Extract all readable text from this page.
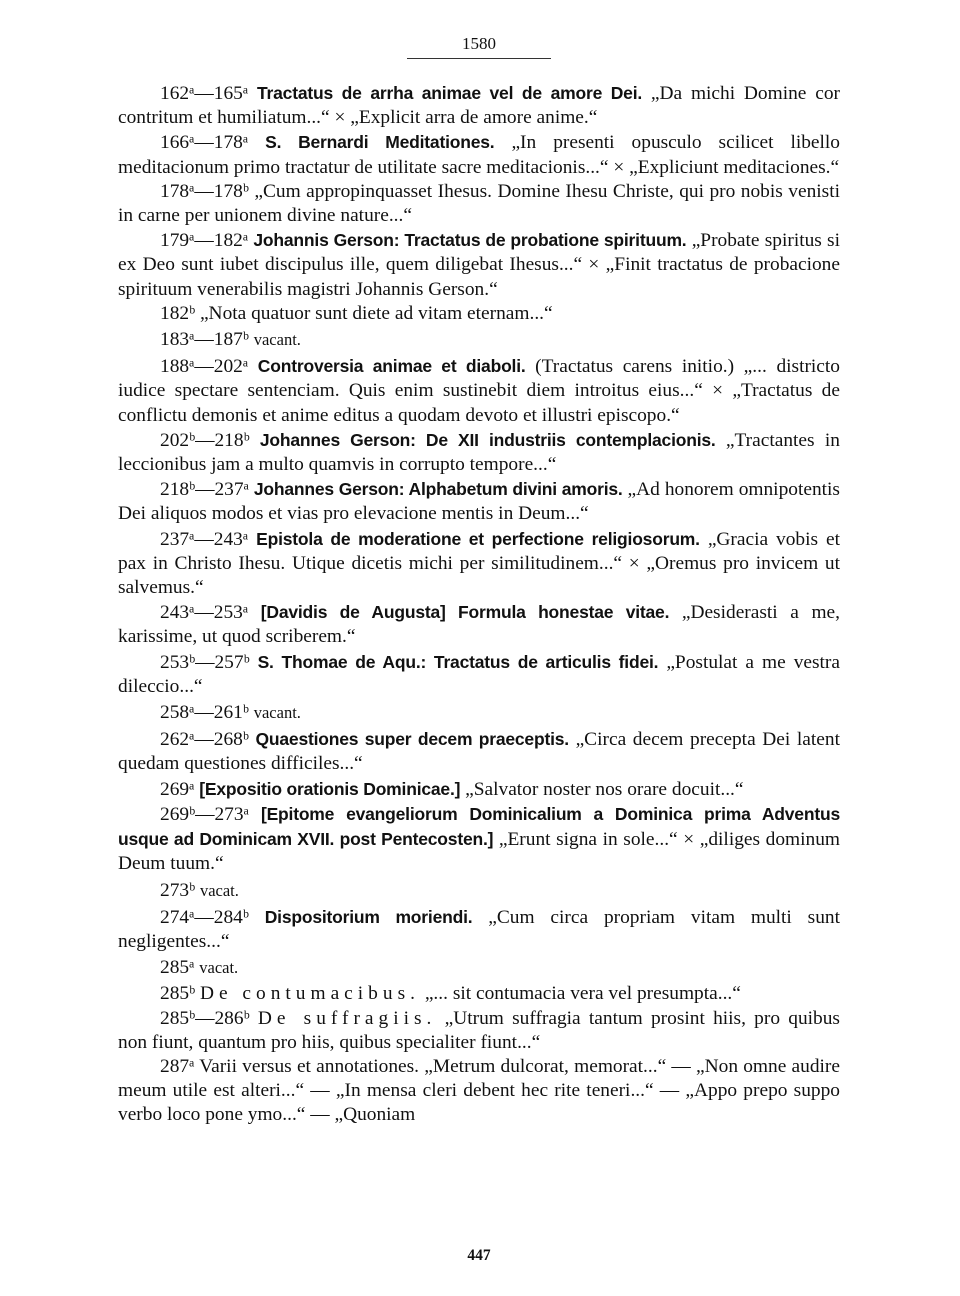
1580

162ᵃ—165ᵃ Tractatus de arrha animae vel de amore Dei. „Da michi Domine cor contritum et humiliatum...“ × „Explicit arra de amore anime.“

166ᵃ—178ᵃ S. Bernardi Meditationes. „In presenti opusculo scilicet libello meditacionum primo tractatur de utilitate sacre meditacionis...“ × „Expliciunt meditaciones.“

178ᵃ—178ᵇ „Cum appropinquasset Ihesus. Domine Ihesu Christe, qui pro nobis venisti in carne per unionem divine nature...“

179ᵃ—182ᵃ Johannis Gerson: Tractatus de probatione spirituum. „Probate spiritus si ex Deo sunt iubet discipulus ille, quem diligebat Ihesus...“ × „Finit tractatus de probacione spirituum venerabilis magistri Johannis Gerson.“

182ᵇ „Nota quatuor sunt diete ad vitam eternam...“

183ᵃ—187ᵇ vacant.

188ᵃ—202ᵃ Controversia animae et diaboli. (Tractatus carens initio.) „... districto iudice spectare sentenciam. Quis enim sustinebit diem introitus eius...“ × „Tractatus de conflictu demonis et anime editus a quodam devoto et illustri episcopo.“

202ᵇ—218ᵇ Johannes Gerson: De XII industriis contemplacionis. „Tractantes in leccionibus jam a multo quamvis in corrupto tempore...“

218ᵇ—237ᵃ Johannes Gerson: Alphabetum divini amoris. „Ad honorem omnipotentis Dei aliquos modos et vias pro elevacione mentis in Deum...“

237ᵃ—243ᵃ Epistola de moderatione et perfectione religiosorum. „Gracia vobis et pax in Christo Ihesu. Utique dicetis michi per similitudinem...“ × „Oremus pro invicem ut salvemus.“

243ᵃ—253ᵃ [Davidis de Augusta] Formula honestae vitae. „Desiderasti a me, karissime, ut quod scriberem.“

253ᵇ—257ᵇ S. Thomae de Aqu.: Tractatus de articulis fidei. „Postulat a me vestra dileccio...“

258ᵃ—261ᵇ vacant.

262ᵃ—268ᵇ Quaestiones super decem praeceptis. „Circa decem precepta Dei latent quedam questiones difficiles...“

269ᵃ [Expositio orationis Dominicae.] „Salvator noster nos orare docuit...“

269ᵇ—273ᵃ [Epitome evangeliorum Dominicalium a Dominica prima Adventus usque ad Dominicam XVII. post Pentecosten.] „Erunt signa in sole...“ × „diliges dominum Deum tuum.“

273ᵇ vacat.

274ᵃ—284ᵇ Dispositorium moriendi. „Cum circa propriam vitam multi sunt negligentes...“

285ᵃ vacat.

285ᵇ De contumacibus. „... sit contumacia vera vel presumpta...“

285ᵇ—286ᵇ De suffragiis. „Utrum suffragia tantum prosint hiis, pro quibus non fiunt, quantum pro hiis, quibus specialiter fiunt...“

287ᵃ Varii versus et annotationes. „Metrum dulcorat, memorat...“ — „Non omne audire meum utile est alteri...“ — „In mensa cleri debent hec rite teneri...“ — „Appo prepo suppo verbo loco pone ymo...“ — „Quoniam

447
